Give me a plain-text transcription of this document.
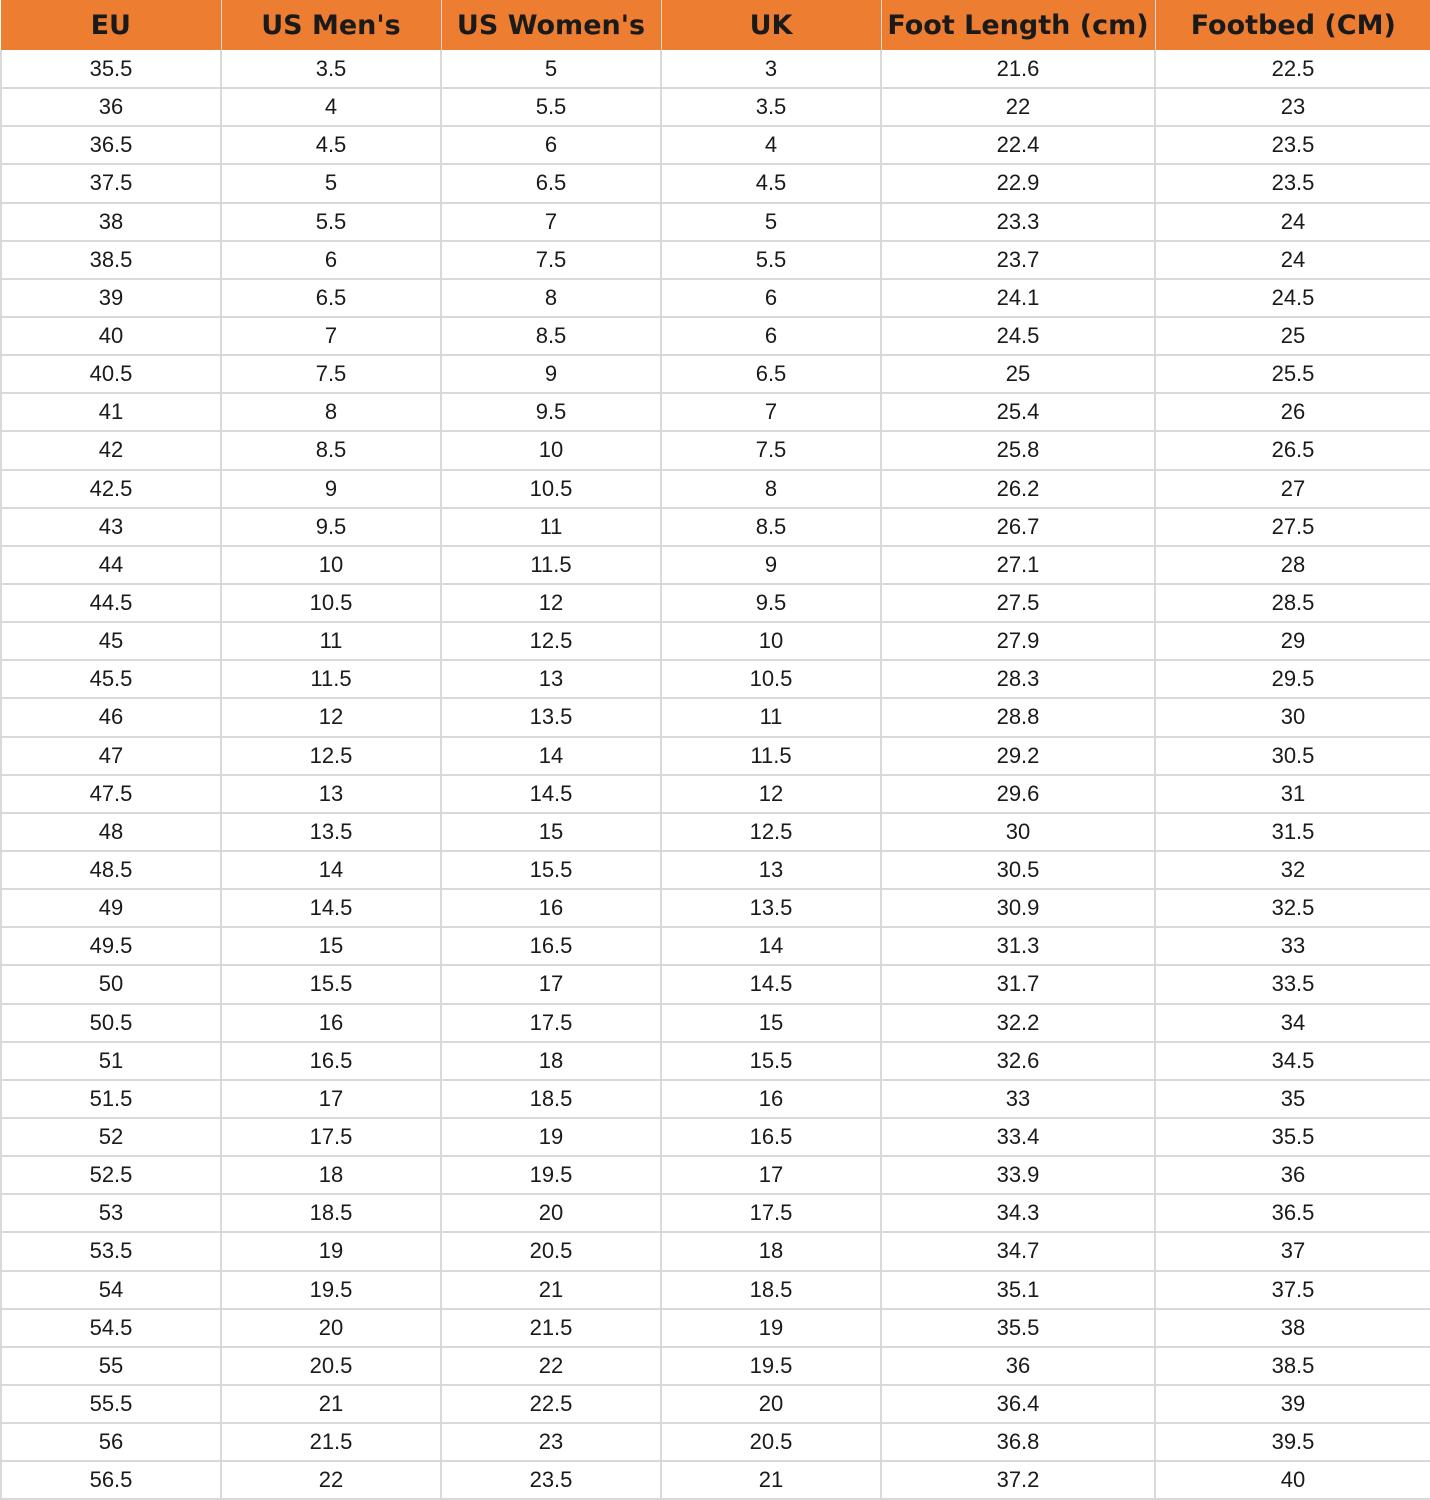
EU	US Men's	US Women's	UK	Foot Length (cm)	Footbed (CM)
35.5	3.5	5	3	21.6	22.5
36	4	5.5	3.5	22	23
36.5	4.5	6	4	22.4	23.5
37.5	5	6.5	4.5	22.9	23.5
38	5.5	7	5	23.3	24
38.5	6	7.5	5.5	23.7	24
39	6.5	8	6	24.1	24.5
40	7	8.5	6	24.5	25
40.5	7.5	9	6.5	25	25.5
41	8	9.5	7	25.4	26
42	8.5	10	7.5	25.8	26.5
42.5	9	10.5	8	26.2	27
43	9.5	11	8.5	26.7	27.5
44	10	11.5	9	27.1	28
44.5	10.5	12	9.5	27.5	28.5
45	11	12.5	10	27.9	29
45.5	11.5	13	10.5	28.3	29.5
46	12	13.5	11	28.8	30
47	12.5	14	11.5	29.2	30.5
47.5	13	14.5	12	29.6	31
48	13.5	15	12.5	30	31.5
48.5	14	15.5	13	30.5	32
49	14.5	16	13.5	30.9	32.5
49.5	15	16.5	14	31.3	33
50	15.5	17	14.5	31.7	33.5
50.5	16	17.5	15	32.2	34
51	16.5	18	15.5	32.6	34.5
51.5	17	18.5	16	33	35
52	17.5	19	16.5	33.4	35.5
52.5	18	19.5	17	33.9	36
53	18.5	20	17.5	34.3	36.5
53.5	19	20.5	18	34.7	37
54	19.5	21	18.5	35.1	37.5
54.5	20	21.5	19	35.5	38
55	20.5	22	19.5	36	38.5
55.5	21	22.5	20	36.4	39
56	21.5	23	20.5	36.8	39.5
56.5	22	23.5	21	37.2	40
